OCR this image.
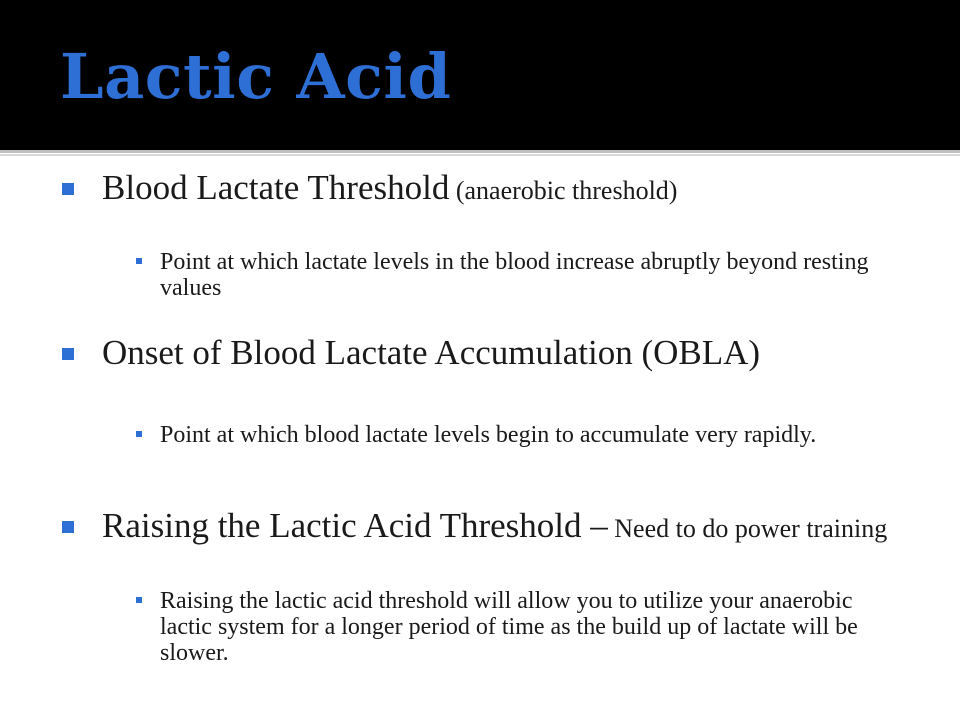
Lactic Acid
Blood Lactate Threshold (anaerobic threshold)
Point at which lactate levels in the blood increase abruptly beyond resting values
Onset of Blood Lactate Accumulation (OBLA)
Point at which blood lactate levels begin to accumulate very rapidly.
Raising the Lactic Acid Threshold – Need to do power training
Raising the lactic acid threshold will allow you to utilize your anaerobic lactic system for a longer period of time as the build up of lactate will be slower.
